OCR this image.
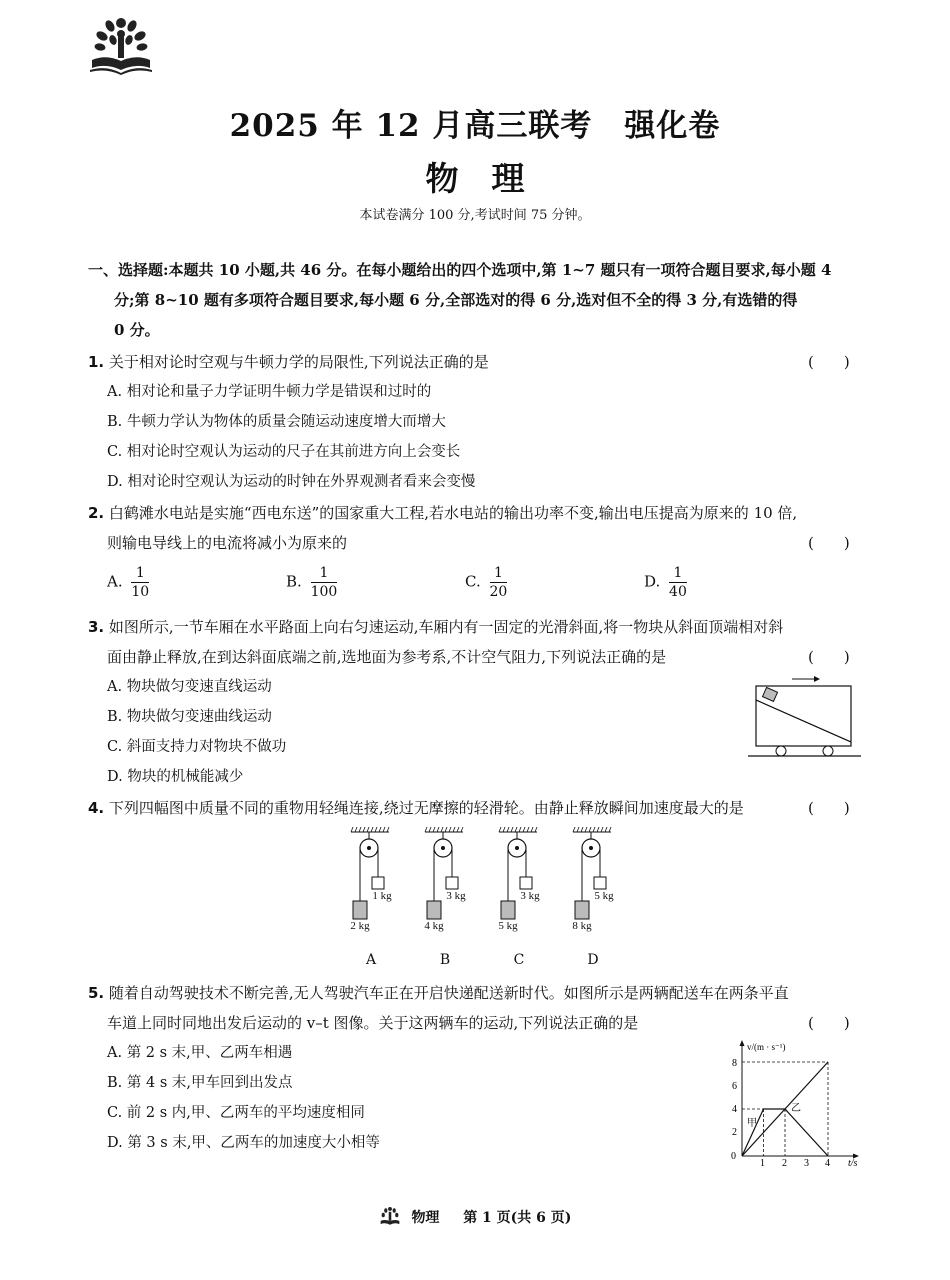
2025 年 12 月高三联考　强化卷
物　理
本试卷满分 100 分,考试时间 75 分钟。
一、选择题:本题共 10 小题,共 46 分。在每小题给出的四个选项中,第 1~7 题只有一项符合题目要求,每小题 4
分;第 8~10 题有多项符合题目要求,每小题 6 分,全部选对的得 6 分,选对但不全的得 3 分,有选错的得
0 分。
1. 关于相对论时空观与牛顿力学的局限性,下列说法正确的是	(　　)
A. 相对论和量子力学证明牛顿力学是错误和过时的
B. 牛顿力学认为物体的质量会随运动速度增大而增大
C. 相对论时空观认为运动的尺子在其前进方向上会变长
D. 相对论时空观认为运动的时钟在外界观测者看来会变慢
2. 白鹤滩水电站是实施“西电东送”的国家重大工程,若水电站的输出功率不变,输出电压提高为原来的 10 倍,
则输电导线上的电流将减小为原来的	(　　)
A. $\frac{1}{10}$	B. $\frac{1}{100}$	C. $\frac{1}{20}$	D. $\frac{1}{40}$
3. 如图所示,一节车厢在水平路面上向右匀速运动,车厢内有一固定的光滑斜面,将一物块从斜面顶端相对斜
面由静止释放,在到达斜面底端之前,选地面为参考系,不计空气阻力,下列说法正确的是	(　　)
A. 物块做匀变速直线运动
B. 物块做匀变速曲线运动
C. 斜面支持力对物块不做功
D. 物块的机械能减少
4. 下列四幅图中质量不同的重物用轻绳连接,绕过无摩擦的轻滑轮。由静止释放瞬间加速度最大的是	(　　)
1 kg
2 kg
A
3 kg
4 kg
B
3 kg
5 kg
C
5 kg
8 kg
D
5. 随着自动驾驶技术不断完善,无人驾驶汽车正在开启快递配送新时代。如图所示是两辆配送车在两条平直
车道上同时同地出发后运动的 v–t 图像。关于这两辆车的运动,下列说法正确的是	(　　)
A. 第 2 s 末,甲、乙两车相遇
B. 第 4 s 末,甲车回到出发点
C. 前 2 s 内,甲、乙两车的平均速度相同
D. 第 3 s 末,甲、乙两车的加速度大小相等
v/(m · s⁻¹)
t/s
8
6
4
2
0
1 2 3 4
甲
乙
物理 第 1 页(共 6 页)
